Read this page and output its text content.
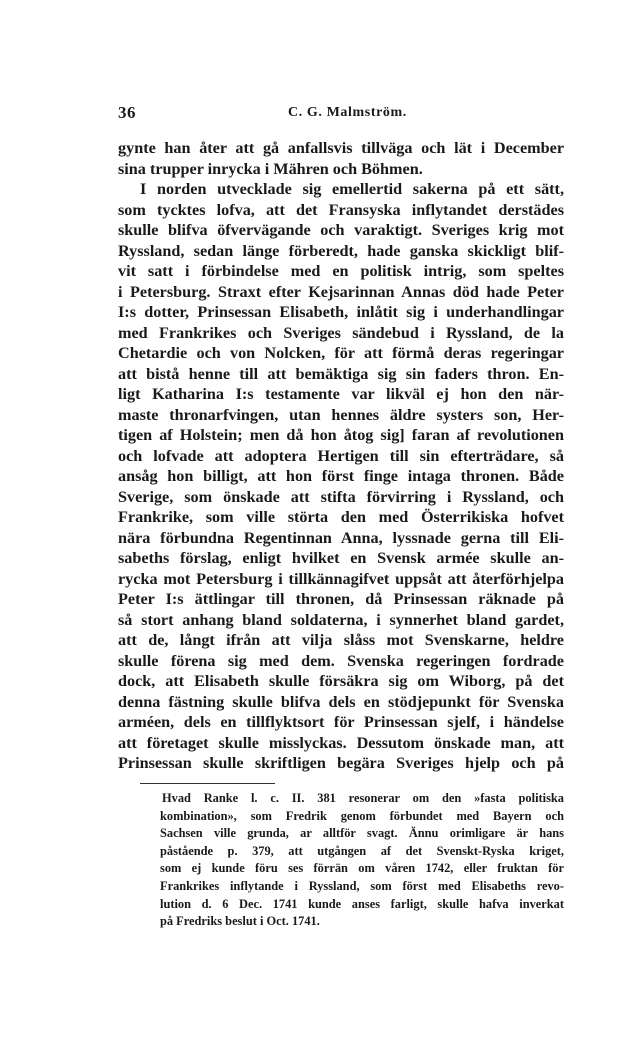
36	C. G. Malmström.
gynte han åter att gå anfallsvis tillväga och lät i December
sina trupper inrycka i Mähren och Böhmen.
I norden utvecklade sig emellertid sakerna på ett sätt,
som tycktes lofva, att det Fransyska inflytandet derstädes
skulle blifva öfvervägande och varaktigt. Sveriges krig mot
Ryssland, sedan länge förberedt, hade ganska skickligt blif-
vit satt i förbindelse med en politisk intrig, som speltes
i Petersburg. Straxt efter Kejsarinnan Annas död hade Peter
I:s dotter, Prinsessan Elisabeth, inlåtit sig i underhandlingar
med Frankrikes och Sveriges sändebud i Ryssland, de la
Chetardie och von Nolcken, för att förmå deras regeringar
att bistå henne till att bemäktiga sig sin faders thron. En-
ligt Katharina I:s testamente var likväl ej hon den när-
maste thronarfvingen, utan hennes äldre systers son, Her-
tigen af Holstein; men då hon åtog sig] faran af revolutionen
och lofvade att adoptera Hertigen till sin efterträdare, så
ansåg hon billigt, att hon först finge intaga thronen. Både
Sverige, som önskade att stifta förvirring i Ryssland, och
Frankrike, som ville störta den med Österrikiska hofvet
nära förbundna Regentinnan Anna, lyssnade gerna till Eli-
sabeths förslag, enligt hvilket en Svensk armée skulle an-
rycka mot Petersburg i tillkännagifvet uppsåt att återförhjelpa
Peter I:s ättlingar till thronen, då Prinsessan räknade på
så stort anhang bland soldaterna, i synnerhet bland gardet,
att de, långt ifrån att vilja slåss mot Svenskarne, heldre
skulle förena sig med dem. Svenska regeringen fordrade
dock, att Elisabeth skulle försäkra sig om Wiborg, på det
denna fästning skulle blifva dels en stödjepunkt för Svenska
arméen, dels en tillflyktsort för Prinsessan sjelf, i händelse
att företaget skulle misslyckas. Dessutom önskade man, att
Prinsessan skulle skriftligen begära Sveriges hjelp och på
Hvad Ranke l. c. II. 381 resonerar om den »fasta politiska
kombination», som Fredrik genom förbundet med Bayern och
Sachsen ville grunda, ar alltför svagt. Ännu orimligare är hans
påstående p. 379, att utgången af det Svenskt-Ryska kriget,
som ej kunde föru ses förrän om våren 1742, eller fruktan för
Frankrikes inflytande i Ryssland, som först med Elisabeths revo-
lution d. 6 Dec. 1741 kunde anses farligt, skulle hafva inverkat
på Fredriks beslut i Oct. 1741.
